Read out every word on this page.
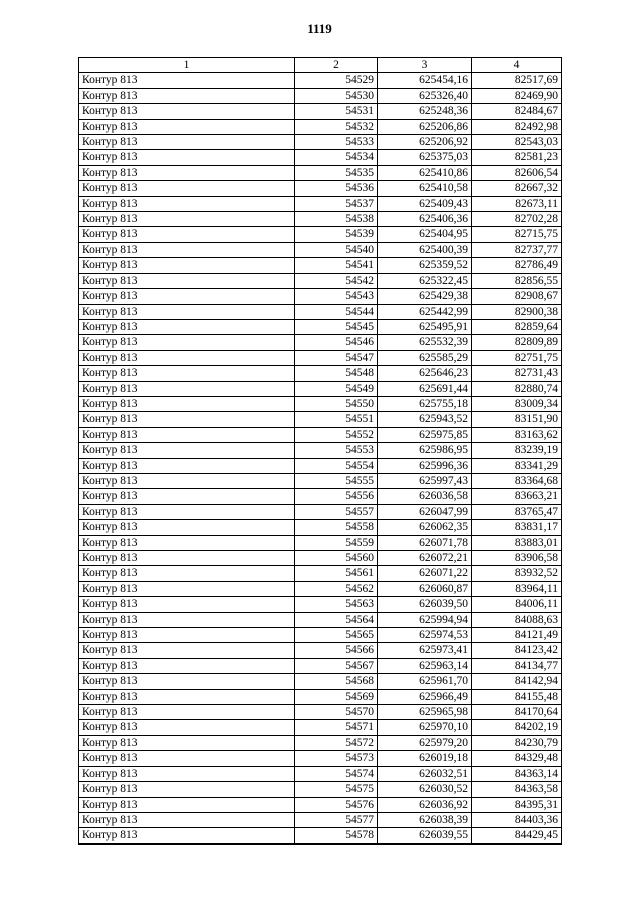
1119
1	2	3	4
Контур 813	54529	625454,16	82517,69
Контур 813	54530	625326,40	82469,90
Контур 813	54531	625248,36	82484,67
Контур 813	54532	625206,86	82492,98
Контур 813	54533	625206,92	82543,03
Контур 813	54534	625375,03	82581,23
Контур 813	54535	625410,86	82606,54
Контур 813	54536	625410,58	82667,32
Контур 813	54537	625409,43	82673,11
Контур 813	54538	625406,36	82702,28
Контур 813	54539	625404,95	82715,75
Контур 813	54540	625400,39	82737,77
Контур 813	54541	625359,52	82786,49
Контур 813	54542	625322,45	82856,55
Контур 813	54543	625429,38	82908,67
Контур 813	54544	625442,99	82900,38
Контур 813	54545	625495,91	82859,64
Контур 813	54546	625532,39	82809,89
Контур 813	54547	625585,29	82751,75
Контур 813	54548	625646,23	82731,43
Контур 813	54549	625691,44	82880,74
Контур 813	54550	625755,18	83009,34
Контур 813	54551	625943,52	83151,90
Контур 813	54552	625975,85	83163,62
Контур 813	54553	625986,95	83239,19
Контур 813	54554	625996,36	83341,29
Контур 813	54555	625997,43	83364,68
Контур 813	54556	626036,58	83663,21
Контур 813	54557	626047,99	83765,47
Контур 813	54558	626062,35	83831,17
Контур 813	54559	626071,78	83883,01
Контур 813	54560	626072,21	83906,58
Контур 813	54561	626071,22	83932,52
Контур 813	54562	626060,87	83964,11
Контур 813	54563	626039,50	84006,11
Контур 813	54564	625994,94	84088,63
Контур 813	54565	625974,53	84121,49
Контур 813	54566	625973,41	84123,42
Контур 813	54567	625963,14	84134,77
Контур 813	54568	625961,70	84142,94
Контур 813	54569	625966,49	84155,48
Контур 813	54570	625965,98	84170,64
Контур 813	54571	625970,10	84202,19
Контур 813	54572	625979,20	84230,79
Контур 813	54573	626019,18	84329,48
Контур 813	54574	626032,51	84363,14
Контур 813	54575	626030,52	84363,58
Контур 813	54576	626036,92	84395,31
Контур 813	54577	626038,39	84403,36
Контур 813	54578	626039,55	84429,45
